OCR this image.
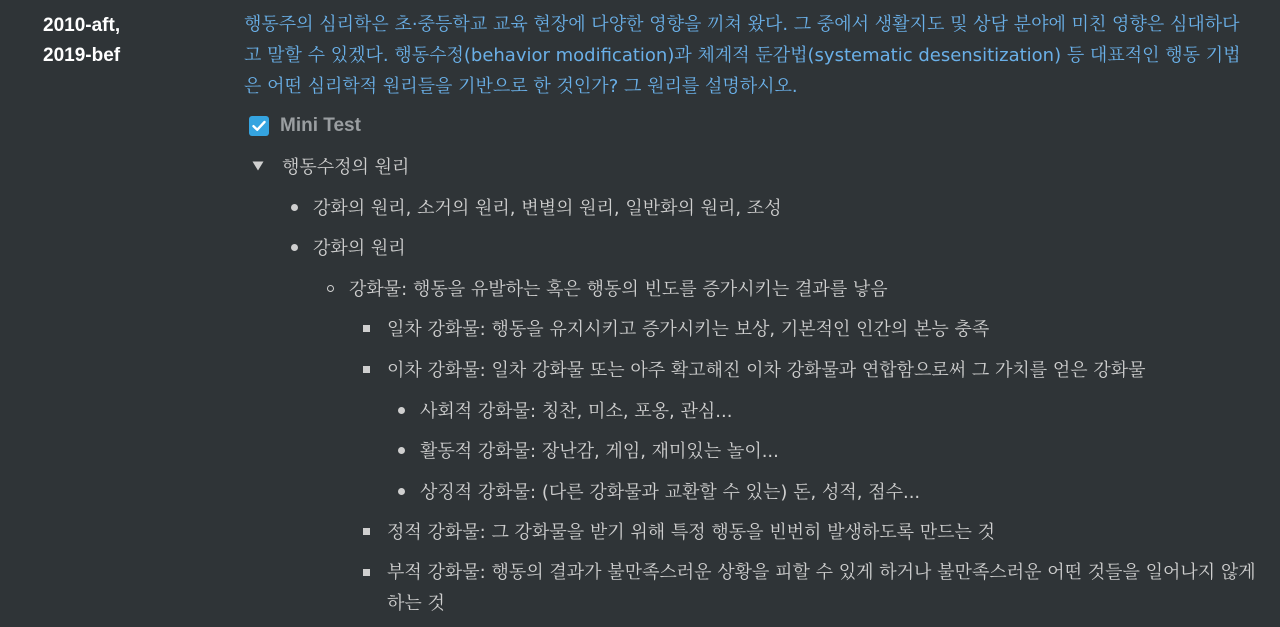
2010-aft,
2019-bef

행동주의 심리학은 초·중등학교 교육 현장에 다양한 영향을 끼쳐 왔다. 그 중에서 생활지도 및 상담 분야에 미친 영향은 심대하다고 말할 수 있겠다. 행동수정(behavior modification)과 체계적 둔감법(systematic desensitization) 등 대표적인 행동 기법은 어떤 심리학적 원리들을 기반으로 한 것인가? 그 원리를 설명하시오.

Mini Test
행동수정의 원리
강화의 원리, 소거의 원리, 변별의 원리, 일반화의 원리, 조성
강화의 원리
강화물: 행동을 유발하는 혹은 행동의 빈도를 증가시키는 결과를 낳음
일차 강화물: 행동을 유지시키고 증가시키는 보상, 기본적인 인간의 본능 충족
이차 강화물: 일차 강화물 또는 아주 확고해진 이차 강화물과 연합함으로써 그 가치를 얻은 강화물
사회적 강화물: 칭찬, 미소, 포옹, 관심...
활동적 강화물: 장난감, 게임, 재미있는 놀이...
상징적 강화물: (다른 강화물과 교환할 수 있는) 돈, 성적, 점수...
정적 강화물: 그 강화물을 받기 위해 특정 행동을 빈번히 발생하도록 만드는 것
부적 강화물: 행동의 결과가 불만족스러운 상황을 피할 수 있게 하거나 불만족스러운 어떤 것들을 일어나지 않게 하는 것
